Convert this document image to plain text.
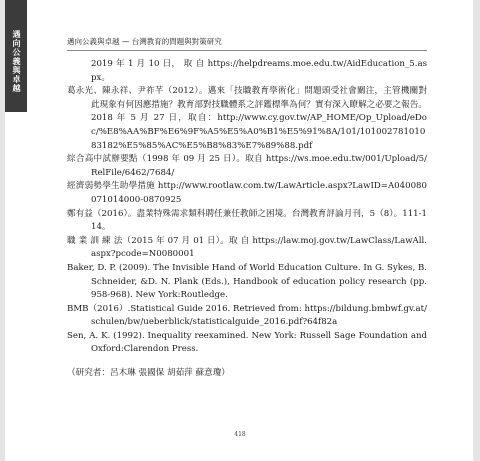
遇向公義與卓越	邁向公義與卓越 — 台灣教育的問題與對策研究

2019 年 1 月 10 日， 取 自 https://helpdreams.moe.edu.tw/AidEducation_5.aspx。

葛永光、陳永祥、尹祚芊（2012）。邁來「技職教育學術化」問題頭受社會關注，主管機關對此現象有何因應措施？教育部對技職體系之評鑑標準為何？實有深入瞭解之必要之報告。2018 年 5 月 27 日，取自：http://www.cy.gov.tw/AP_HOME/Op_Upload/eDoc/%E8%AA%BF%E6%9F%A5%E5%A0%B1%E5%91%8A/101/10100278101083182%E5%85%AC%E5%B8%83%E7%89%88.pdf

綜合高中試辦要點（1998 年 09 月 25 日）。取自 https://ws.moe.edu.tw/001/Upload/5/RelFile/6462/7684/

經濟弱勢學生助學措施 http://www.rootlaw.com.tw/LawArticle.aspx?LawID=A040080071014000-0870925

鄭有益（2016）。盡業特殊需求類科聘任兼任教師之困境。台灣教育評論月刊，5（8）。111-114。

職 業 訓 練 法（2015 年 07 月 01 日）。取 自 https://law.moj.gov.tw/LawClass/LawAll.aspx?pcode=N0080001

Baker, D. P. (2009). The Invisible Hand of World Education Culture. In G. Sykes, B. Schneider, &D. N. Plank (Eds.), Handbook of education policy research (pp. 958-968). New York:Routledge.

BMB（2016）.Statistical Guide 2016. Retrieved from: https://bildung.bmbwf.gv.at/schulen/bw/ueberblick/statisticalguide_2016.pdf?64f82a

Sen, A. K. (1992). Inequality reexamined. New York: Russell Sage Foundation and Oxford:Clarendon Press.

（研究者：呂木琳 張國保 胡茹萍 蘇意瓊）
418
